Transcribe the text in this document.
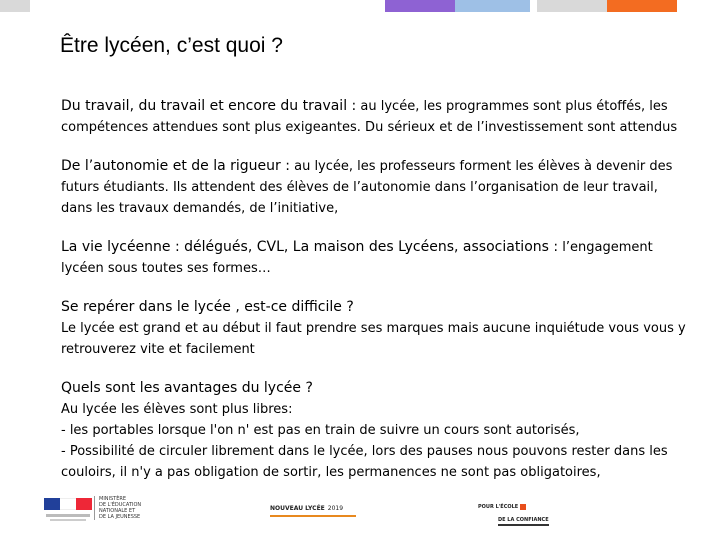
Être lycéen, c’est quoi ?

Du travail, du travail et encore du travail : au lycée, les programmes sont plus étoffés, les compétences attendues sont plus exigeantes. Du sérieux et de l’investissement sont attendus

De l’autonomie et de la rigueur : au lycée, les professeurs forment les élèves à devenir des futurs étudiants. Ils attendent des élèves de l’autonomie dans l’organisation de leur travail, dans les travaux demandés, de l’initiative,

La vie lycéenne : délégués, CVL, La maison des Lycéens, associations : l’engagement lycéen sous toutes ses formes…

Se repérer dans le lycée , est-ce difficile ?
Le lycée est grand et au début il faut prendre ses marques mais aucune inquiétude vous vous y retrouverez vite et facilement

Quels sont les avantages du lycée ?
Au lycée les élèves sont plus libres:
- les portables lorsque l'on n' est pas en train de suivre un cours sont autorisés,
- Possibilité de circuler librement dans le lycée, lors des pauses nous pouvons rester dans les couloirs, il n'y a pas obligation de sortir, les permanences ne sont pas obligatoires,

MINISTÈRE
DE L'ÉDUCATION
NATIONALE ET
DE LA JEUNESSE
NOUVEAU LYCÉE 2019	POUR L'ÉCOLE
DE LA CONFIANCE
